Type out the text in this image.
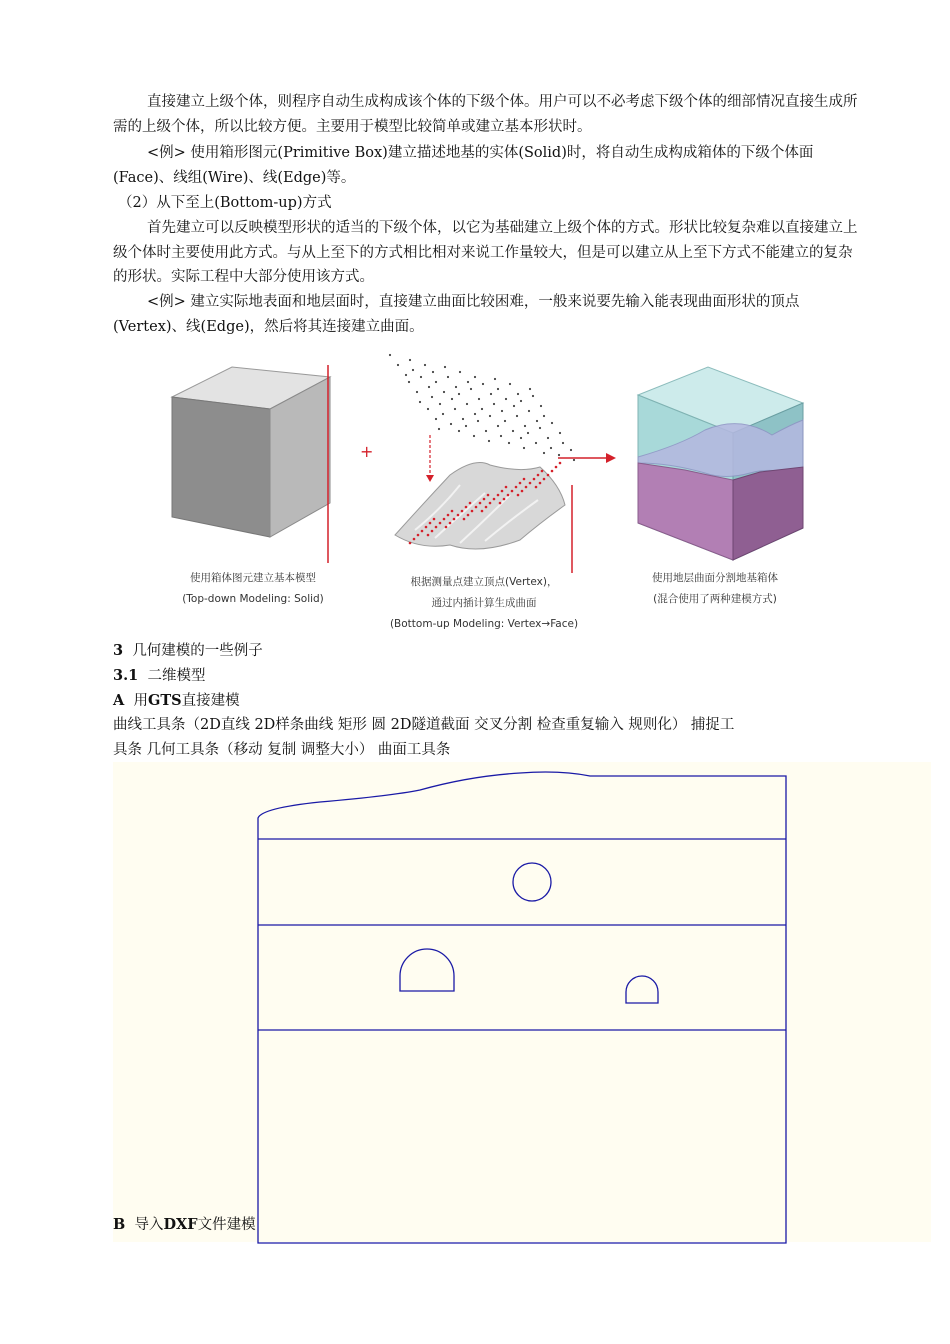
直接建立上级个体，则程序自动生成构成该个体的下级个体。用户可以不必考虑下级个体的细部情况直接生成所需的上级个体，所以比较方便。主要用于模型比较简单或建立基本形状时。

<例> 使用箱形图元(Primitive Box)建立描述地基的实体(Solid)时，将自动生成构成箱体的下级个体面(Face)、线组(Wire)、线(Edge)等。

（2）从下至上(Bottom-up)方式

首先建立可以反映模型形状的适当的下级个体，以它为基础建立上级个体的方式。形状比较复杂难以直接建立上级个体时主要使用此方式。与从上至下的方式相比相对来说工作量较大，但是可以建立从上至下方式不能建立的复杂的形状。实际工程中大部分使用该方式。

<例> 建立实际地表面和地层面时，直接建立曲面比较困难，一般来说要先输入能表现曲面形状的顶点(Vertex)、线(Edge)，然后将其连接建立曲面。

+
使用箱体图元建立基本模型
(Top-down Modeling: Solid)
根据测量点建立顶点(Vertex)，
通过内插计算生成曲面
(Bottom-up Modeling: Vertex→Face)
使用地层曲面分割地基箱体
(混合使用了两种建模方式)
3 几何建模的一些例子
3.1 二维模型
A 用GTS直接建模
曲线工具条（2D直线 2D样条曲线 矩形 圆 2D隧道截面 交叉分割 检查重复输入 规则化） 捕捉工
具条 几何工具条（移动 复制 调整大小） 曲面工具条
B 导入DXF文件建模
